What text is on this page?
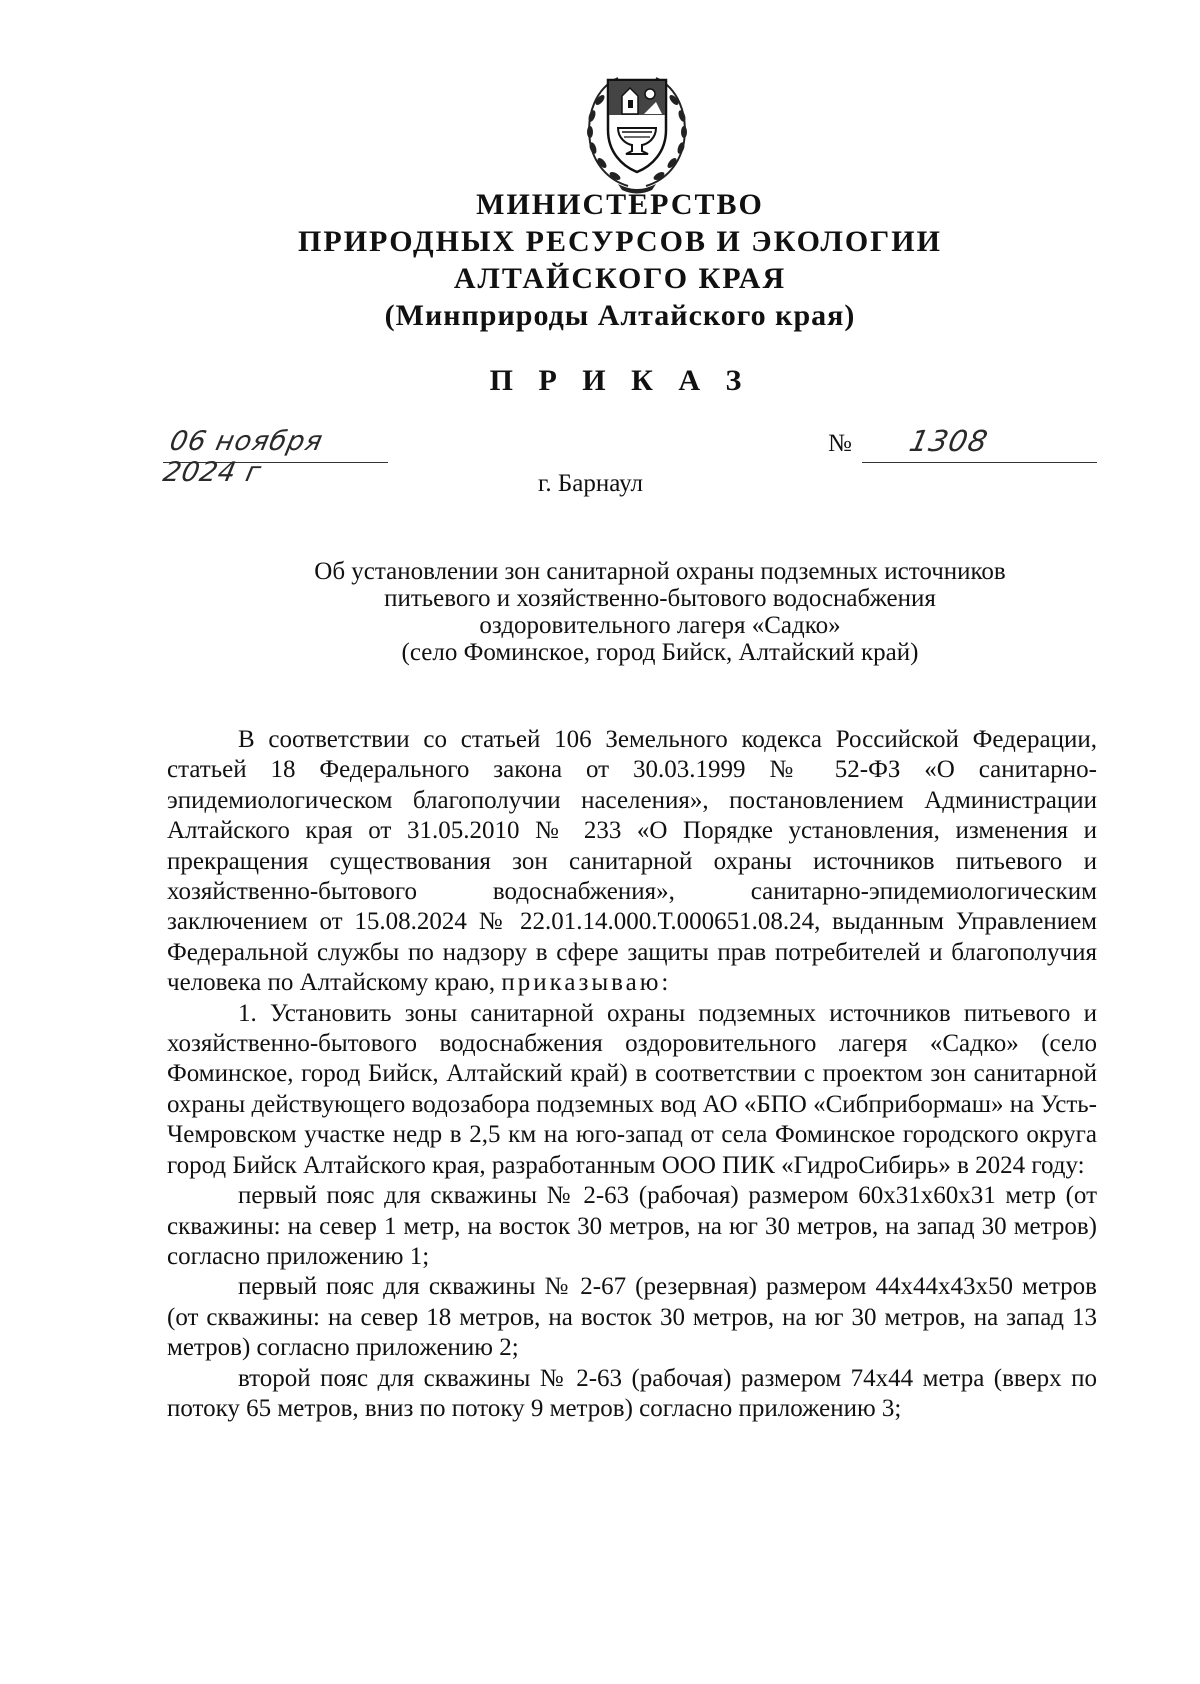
МИНИСТЕРСТВО
ПРИРОДНЫХ РЕСУРСОВ И ЭКОЛОГИИ
АЛТАЙСКОГО КРАЯ
(Минприроды Алтайского края)
П Р И К А З
06 ноября 2024 г
№ 1308
г. Барнаул
Об установлении зон санитарной охраны подземных источников
питьевого и хозяйственно-бытового водоснабжения
оздоровительного лагеря «Садко»
(село Фоминское, город Бийск, Алтайский край)

В соответствии со статьей 106 Земельного кодекса Российской Федерации, статьей 18 Федерального закона от 30.03.1999 № 52-ФЗ «О санитарно-эпидемиологическом благополучии населения», постановлением Администрации Алтайского края от 31.05.2010 № 233 «О Порядке установления, изменения и прекращения существования зон санитарной охраны источников питьевого и хозяйственно-бытового водоснабжения», санитарно-эпидемиологическим заключением от 15.08.2024 № 22.01.14.000.Т.000651.08.24, выданным Управлением Федеральной службы по надзору в сфере защиты прав потребителей и благополучия человека по Алтайскому краю, приказываю:

1. Установить зоны санитарной охраны подземных источников питьевого и хозяйственно-бытового водоснабжения оздоровительного лагеря «Садко» (село Фоминское, город Бийск, Алтайский край) в соответствии с проектом зон санитарной охраны действующего водозабора подземных вод АО «БПО «Сибприбормаш» на Усть-Чемровском участке недр в 2,5 км на юго-запад от села Фоминское городского округа город Бийск Алтайского края, разработанным ООО ПИК «ГидроСибирь» в 2024 году:

первый пояс для скважины № 2-63 (рабочая) размером 60х31х60х31 метр (от скважины: на север 1 метр, на восток 30 метров, на юг 30 метров, на запад 30 метров) согласно приложению 1;

первый пояс для скважины № 2-67 (резервная) размером 44х44х43х50 метров (от скважины: на север 18 метров, на восток 30 метров, на юг 30 метров, на запад 13 метров) согласно приложению 2;

второй пояс для скважины № 2-63 (рабочая) размером 74х44 метра (вверх по потоку 65 метров, вниз по потоку 9 метров) согласно приложению 3;
